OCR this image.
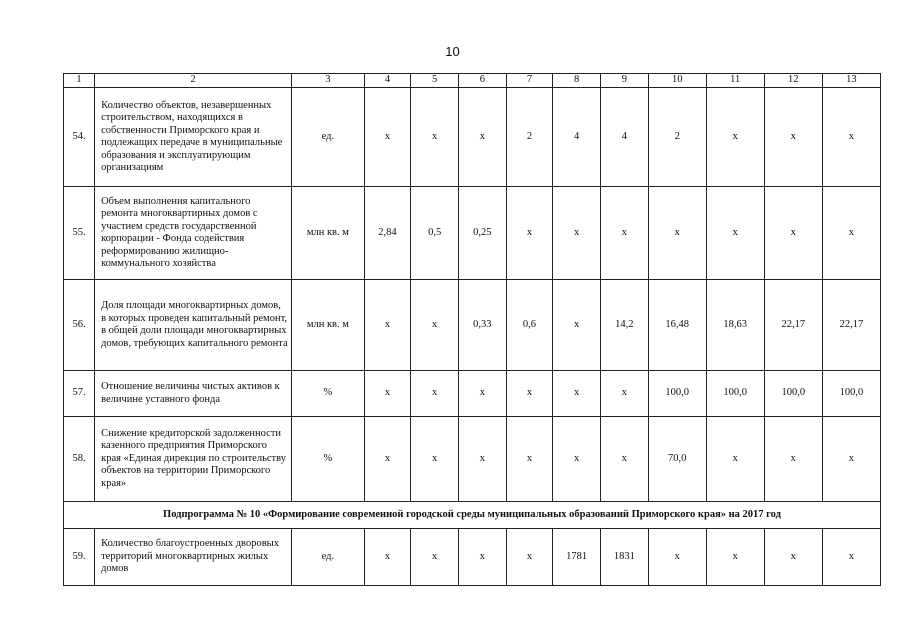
10
1	2	3	4	5	6	7	8	9	10	11	12	13
54.	Количество объектов, незавершенных строительством, находящихся в собственности Приморского края и подлежащих передаче в муниципальные образования и эксплуатирующим организациям	ед.	x	x	x	2	4	4	2	x	x	x
55.	Объем выполнения капитального ремонта многоквартирных домов с участием средств государственной корпорации - Фонда содействия реформированию жилищно-коммунального хозяйства	млн кв. м	2,84	0,5	0,25	x	x	x	x	x	x	x
56.	Доля площади многоквартирных домов, в которых проведен капитальный ремонт, в общей доли площади многоквартирных домов, требующих капитального ремонта	млн кв. м	x	x	0,33	0,6	x	14,2	16,48	18,63	22,17	22,17
57.	Отношение величины чистых активов к величине уставного фонда	%	x	x	x	x	x	x	100,0	100,0	100,0	100,0
58.	Снижение кредиторской задолженности казенного предприятия Приморского края «Единая дирекция по строительству объектов на территории Приморского края»	%	x	x	x	x	x	x	70,0	x	x	x
Подпрограмма № 10 «Формирование современной городской среды муниципальных образований Приморского края» на 2017 год												
59.	Количество благоустроенных дворовых территорий многоквартирных жилых домов	ед.	x	x	x	x	1781	1831	x	x	x	x
